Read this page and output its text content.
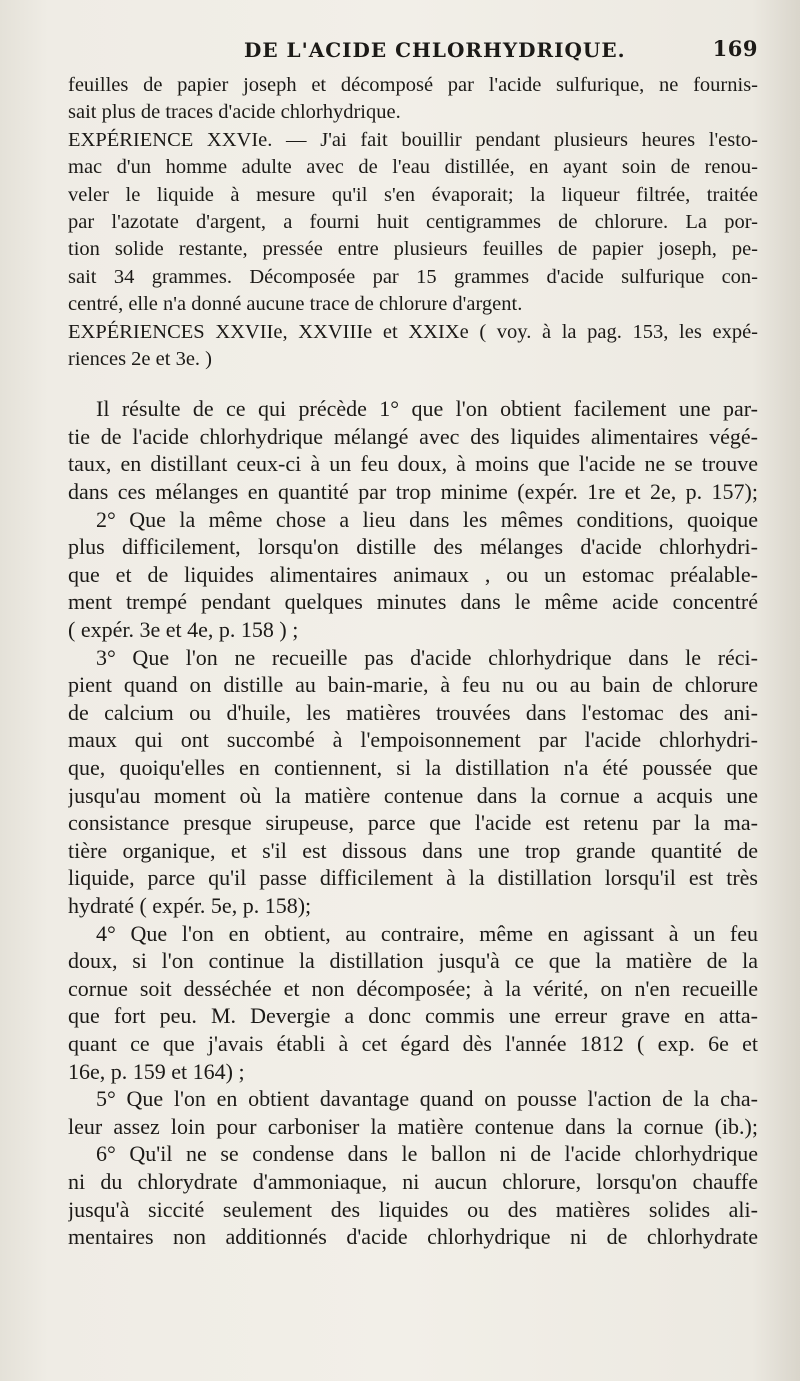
DE L'ACIDE CHLORHYDRIQUE.	169
feuilles de papier joseph et décomposé par l'acide sulfurique, ne fournis-
sait plus de traces d'acide chlorhydrique.
EXPÉRIENCE XXVIe. — J'ai fait bouillir pendant plusieurs heures l'esto-
mac d'un homme adulte avec de l'eau distillée, en ayant soin de renou-
veler le liquide à mesure qu'il s'en évaporait; la liqueur filtrée, traitée
par l'azotate d'argent, a fourni huit centigrammes de chlorure. La por-
tion solide restante, pressée entre plusieurs feuilles de papier joseph, pe-
sait 34 grammes. Décomposée par 15 grammes d'acide sulfurique con-
centré, elle n'a donné aucune trace de chlorure d'argent.
EXPÉRIENCES XXVIIe, XXVIIIe et XXIXe ( voy. à la pag. 153, les expé-
riences 2e et 3e. )
Il résulte de ce qui précède 1° que l'on obtient facilement une par-
tie de l'acide chlorhydrique mélangé avec des liquides alimentaires végé-
taux, en distillant ceux-ci à un feu doux, à moins que l'acide ne se trouve
dans ces mélanges en quantité par trop minime (expér. 1re et 2e, p. 157);
2° Que la même chose a lieu dans les mêmes conditions, quoique
plus difficilement, lorsqu'on distille des mélanges d'acide chlorhydri-
que et de liquides alimentaires animaux , ou un estomac préalable-
ment trempé pendant quelques minutes dans le même acide concentré
( expér. 3e et 4e, p. 158 ) ;
3° Que l'on ne recueille pas d'acide chlorhydrique dans le réci-
pient quand on distille au bain-marie, à feu nu ou au bain de chlorure
de calcium ou d'huile, les matières trouvées dans l'estomac des ani-
maux qui ont succombé à l'empoisonnement par l'acide chlorhydri-
que, quoiqu'elles en contiennent, si la distillation n'a été poussée que
jusqu'au moment où la matière contenue dans la cornue a acquis une
consistance presque sirupeuse, parce que l'acide est retenu par la ma-
tière organique, et s'il est dissous dans une trop grande quantité de
liquide, parce qu'il passe difficilement à la distillation lorsqu'il est très
hydraté ( expér. 5e, p. 158);
4° Que l'on en obtient, au contraire, même en agissant à un feu
doux, si l'on continue la distillation jusqu'à ce que la matière de la
cornue soit desséchée et non décomposée; à la vérité, on n'en recueille
que fort peu. M. Devergie a donc commis une erreur grave en atta-
quant ce que j'avais établi à cet égard dès l'année 1812 ( exp. 6e et
16e, p. 159 et 164) ;
5° Que l'on en obtient davantage quand on pousse l'action de la cha-
leur assez loin pour carboniser la matière contenue dans la cornue (ib.);
6° Qu'il ne se condense dans le ballon ni de l'acide chlorhydrique
ni du chlorydrate d'ammoniaque, ni aucun chlorure, lorsqu'on chauffe
jusqu'à siccité seulement des liquides ou des matières solides ali-
mentaires non additionnés d'acide chlorhydrique ni de chlorhydrate
